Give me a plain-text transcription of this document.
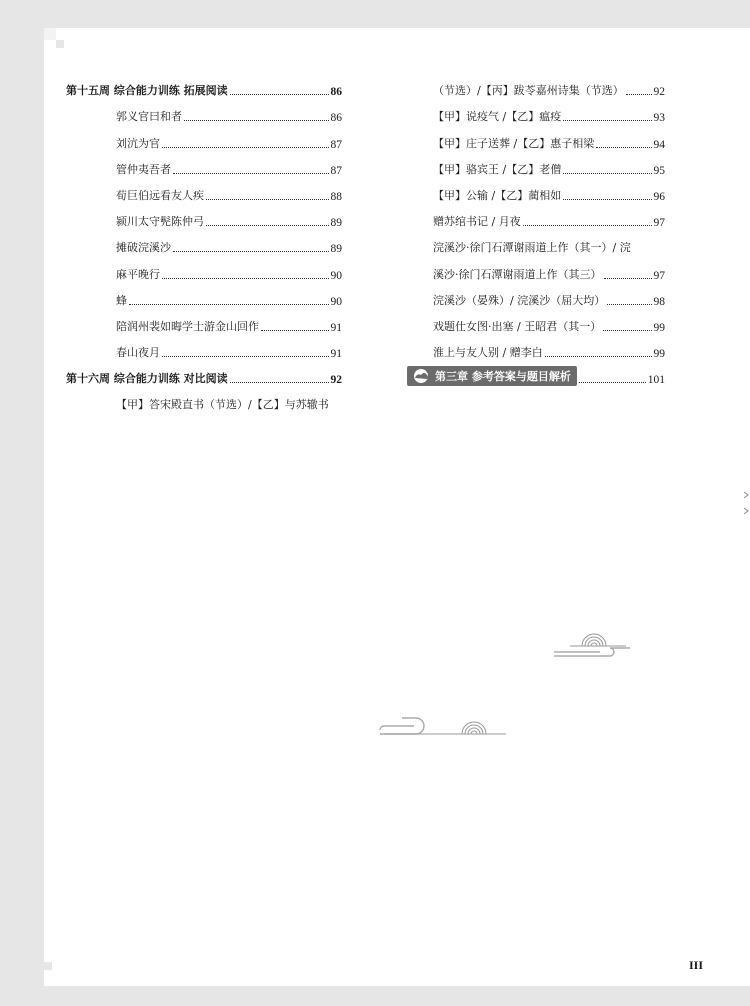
第十五周 综合能力训练 拓展阅读	86
郭义官曰和者	86
刘沆为官	87
管仲夷吾者	87
荀巨伯远看友人疾	88
颍川太守髡陈仲弓	89
摊破浣溪沙	89
麻平晚行	90
蜂	90
陪润州裴如晦学士游金山回作	91
春山夜月	91
第十六周 综合能力训练 对比阅读	92
【甲】答宋殿直书（节选）/【乙】与苏辙书
（节选）/【丙】跋苓嘉州诗集（节选）	92
【甲】说疫气 /【乙】瘟疫	93
【甲】庄子送葬 /【乙】惠子相梁	94
【甲】骆宾王 /【乙】老僧	95
【甲】公输 /【乙】蔺相如	96
赠苏绾书记 / 月夜	97
浣溪沙·徐门石潭谢雨道上作（其一）/ 浣
溪沙·徐门石潭谢雨道上作（其三）	97
浣溪沙（晏殊）/ 浣溪沙（屈大均）	98
戏题仕女图·出塞 / 王昭君（其一）	99
淮上与友人别 / 赠李白	99
第三章 参考答案与题目解析	101
III
